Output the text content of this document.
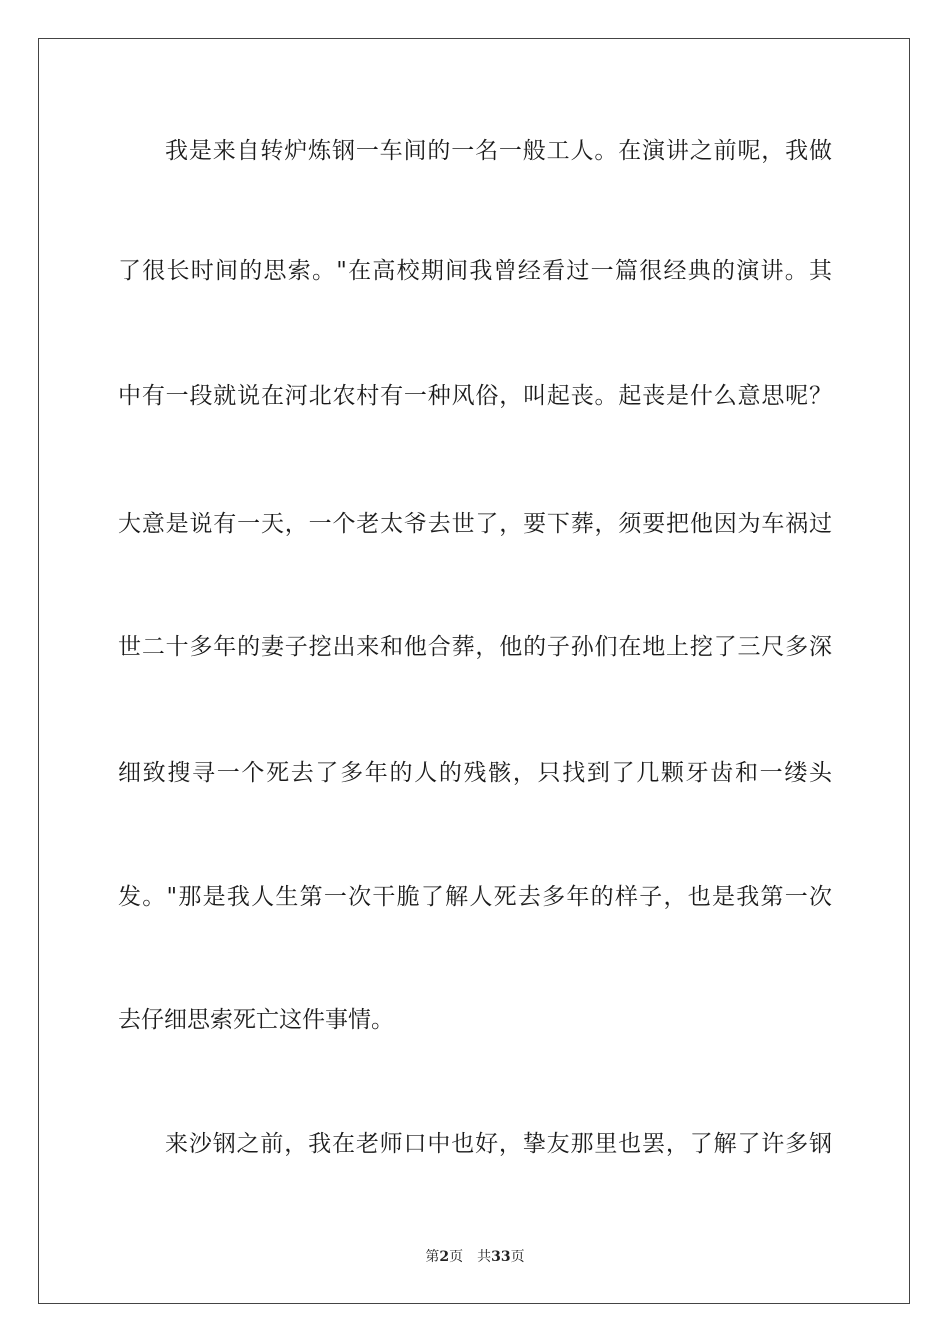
我是来自转炉炼钢一车间的一名一般工人。在演讲之前呢，我做
了很长时间的思索。"在高校期间我曾经看过一篇很经典的演讲。其
中有一段就说在河北农村有一种风俗，叫起丧。起丧是什么意思呢？
大意是说有一天，一个老太爷去世了，要下葬，须要把他因为车祸过
世二十多年的妻子挖出来和他合葬，他的子孙们在地上挖了三尺多深
细致搜寻一个死去了多年的人的残骸，只找到了几颗牙齿和一缕头
发。"那是我人生第一次干脆了解人死去多年的样子，也是我第一次
去仔细思索死亡这件事情。
来沙钢之前，我在老师口中也好，挚友那里也罢，了解了许多钢
第2页 共33页
